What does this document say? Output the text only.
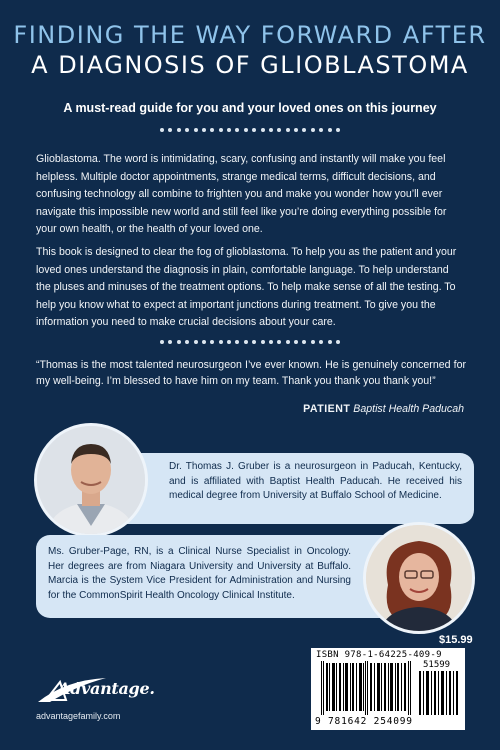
FINDING THE WAY FORWARD AFTER
A DIAGNOSIS OF GLIOBLASTOMA
A must-read guide for you and your loved ones on this journey
Glioblastoma. The word is intimidating, scary, confusing and instantly will make you feel helpless. Multiple doctor appointments, strange medical terms, difficult decisions, and confusing technology all combine to frighten you and make you wonder how you’ll ever navigate this impossible new world and still feel like you’re doing everything possible for your own health, or the health of your loved one.
This book is designed to clear the fog of glioblastoma. To help you as the patient and your loved ones understand the diagnosis in plain, comfortable language. To help understand the pluses and minuses of the treatment options. To help make sense of all the testing. To help you know what to expect at important junctions during treatment. To give you the information you need to make crucial decisions about your care.
“Thomas is the most talented neurosurgeon I’ve ever known. He is genuinely concerned for my well-being. I’m blessed to have him on my team. Thank you thank you thank you!”
PATIENT Baptist Health Paducah
Dr. Thomas J. Gruber is a neurosurgeon in Paducah, Kentucky, and is affiliated with Baptist Health Paducah. He received his medical degree from University at Buffalo School of Medicine.
Ms. Gruber-Page, RN, is a Clinical Nurse Specialist in Oncology. Her degrees are from Niagara University and University at Buffalo. Marcia is the System Vice President for Administration and Nursing for the CommonSpirit Health Oncology Clinical Institute.
$15.99
ISBN 978-1-64225-409-9
51599
9 781642 254099
Advantage.
advantagefamily.com
